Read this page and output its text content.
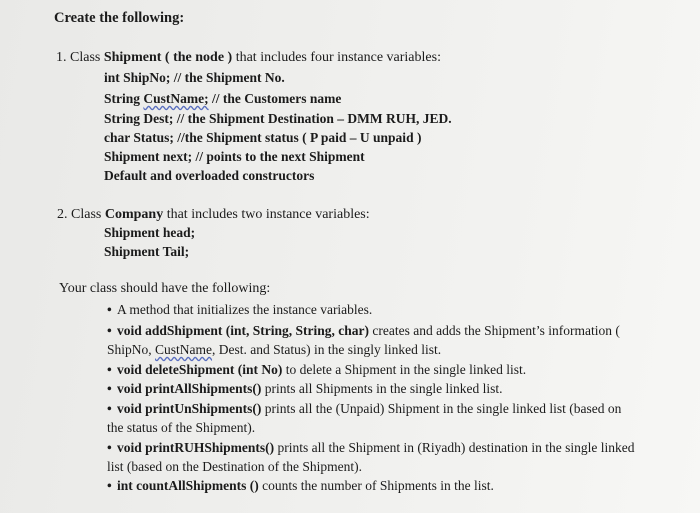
Create the following:
1. Class Shipment ( the node ) that includes four instance variables:
int ShipNo; // the Shipment No.
String CustName; // the Customers name
String Dest; // the Shipment Destination – DMM RUH, JED.
char Status; //the Shipment status ( P paid – U unpaid )
Shipment next; // points to the next Shipment
Default and overloaded constructors
2. Class Company that includes two instance variables:
Shipment head;
Shipment Tail;
Your class should have the following:
• A method that initializes the instance variables.
• void addShipment (int, String, String, char) creates and adds the Shipment’s information (
ShipNo, CustName, Dest. and Status) in the singly linked list.
• void deleteShipment (int No) to delete a Shipment in the single linked list.
• void printAllShipments() prints all Shipments in the single linked list.
• void printUnShipments() prints all the (Unpaid) Shipment in the single linked list (based on
the status of the Shipment).
• void printRUHShipments() prints all the Shipment in (Riyadh) destination in the single linked
list (based on the Destination of the Shipment).
• int countAllShipments () counts the number of Shipments in the list.
